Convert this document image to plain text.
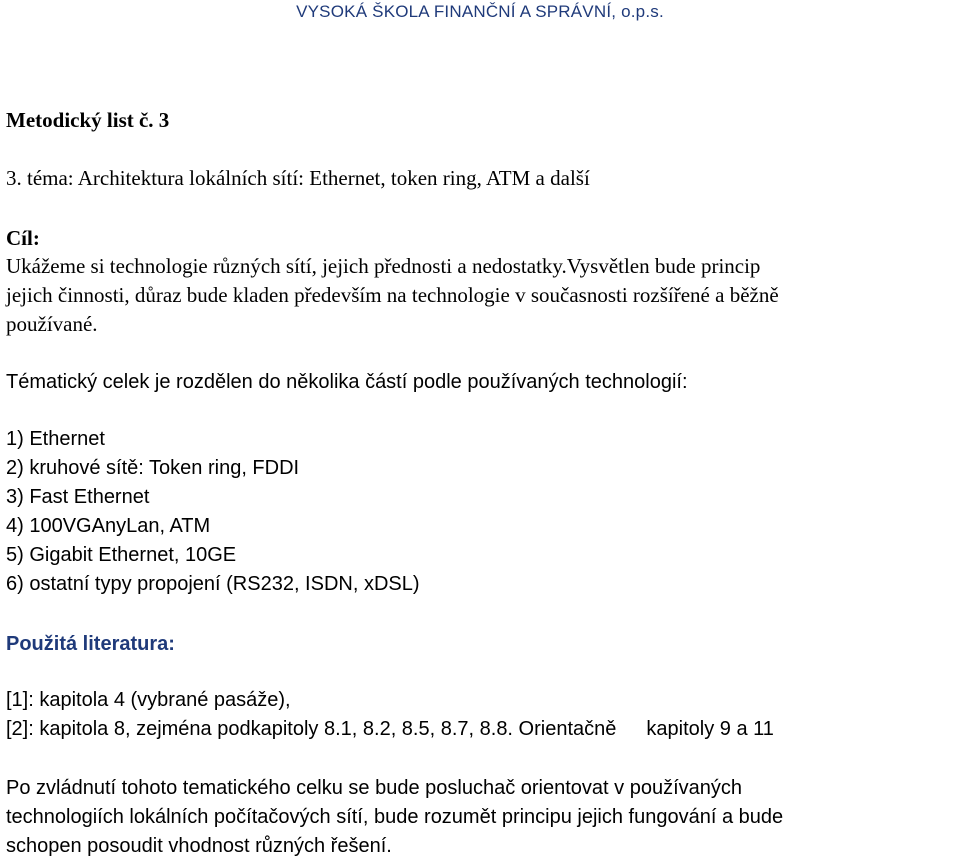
VYSOKÁ ŠKOLA FINANČNÍ A SPRÁVNÍ, o.p.s.
Metodický list č. 3
3. téma: Architektura lokálních sítí: Ethernet, token ring, ATM a další
Cíl:
Ukážeme si technologie různých sítí, jejich přednosti a nedostatky.Vysvětlen bude princip
jejich činnosti, důraz bude kladen především na technologie v současnosti rozšířené a běžně
používané.
Tématický celek je rozdělen do několika částí podle používaných technologií:
1) Ethernet
2) kruhové sítě: Token ring, FDDI
3) Fast Ethernet
4) 100VGAnyLan, ATM
5) Gigabit Ethernet, 10GE
6) ostatní typy propojení (RS232, ISDN, xDSL)
Použitá literatura:
[1]: kapitola 4 (vybrané pasáže),
[2]: kapitola 8, zejména podkapitoly 8.1, 8.2, 8.5, 8.7, 8.8. Orientačně kapitoly 9 a 11
Po zvládnutí tohoto tematického celku se bude posluchač orientovat v používaných
technologiích lokálních počítačových sítí, bude rozumět principu jejich fungování a bude
schopen posoudit vhodnost různých řešení.
